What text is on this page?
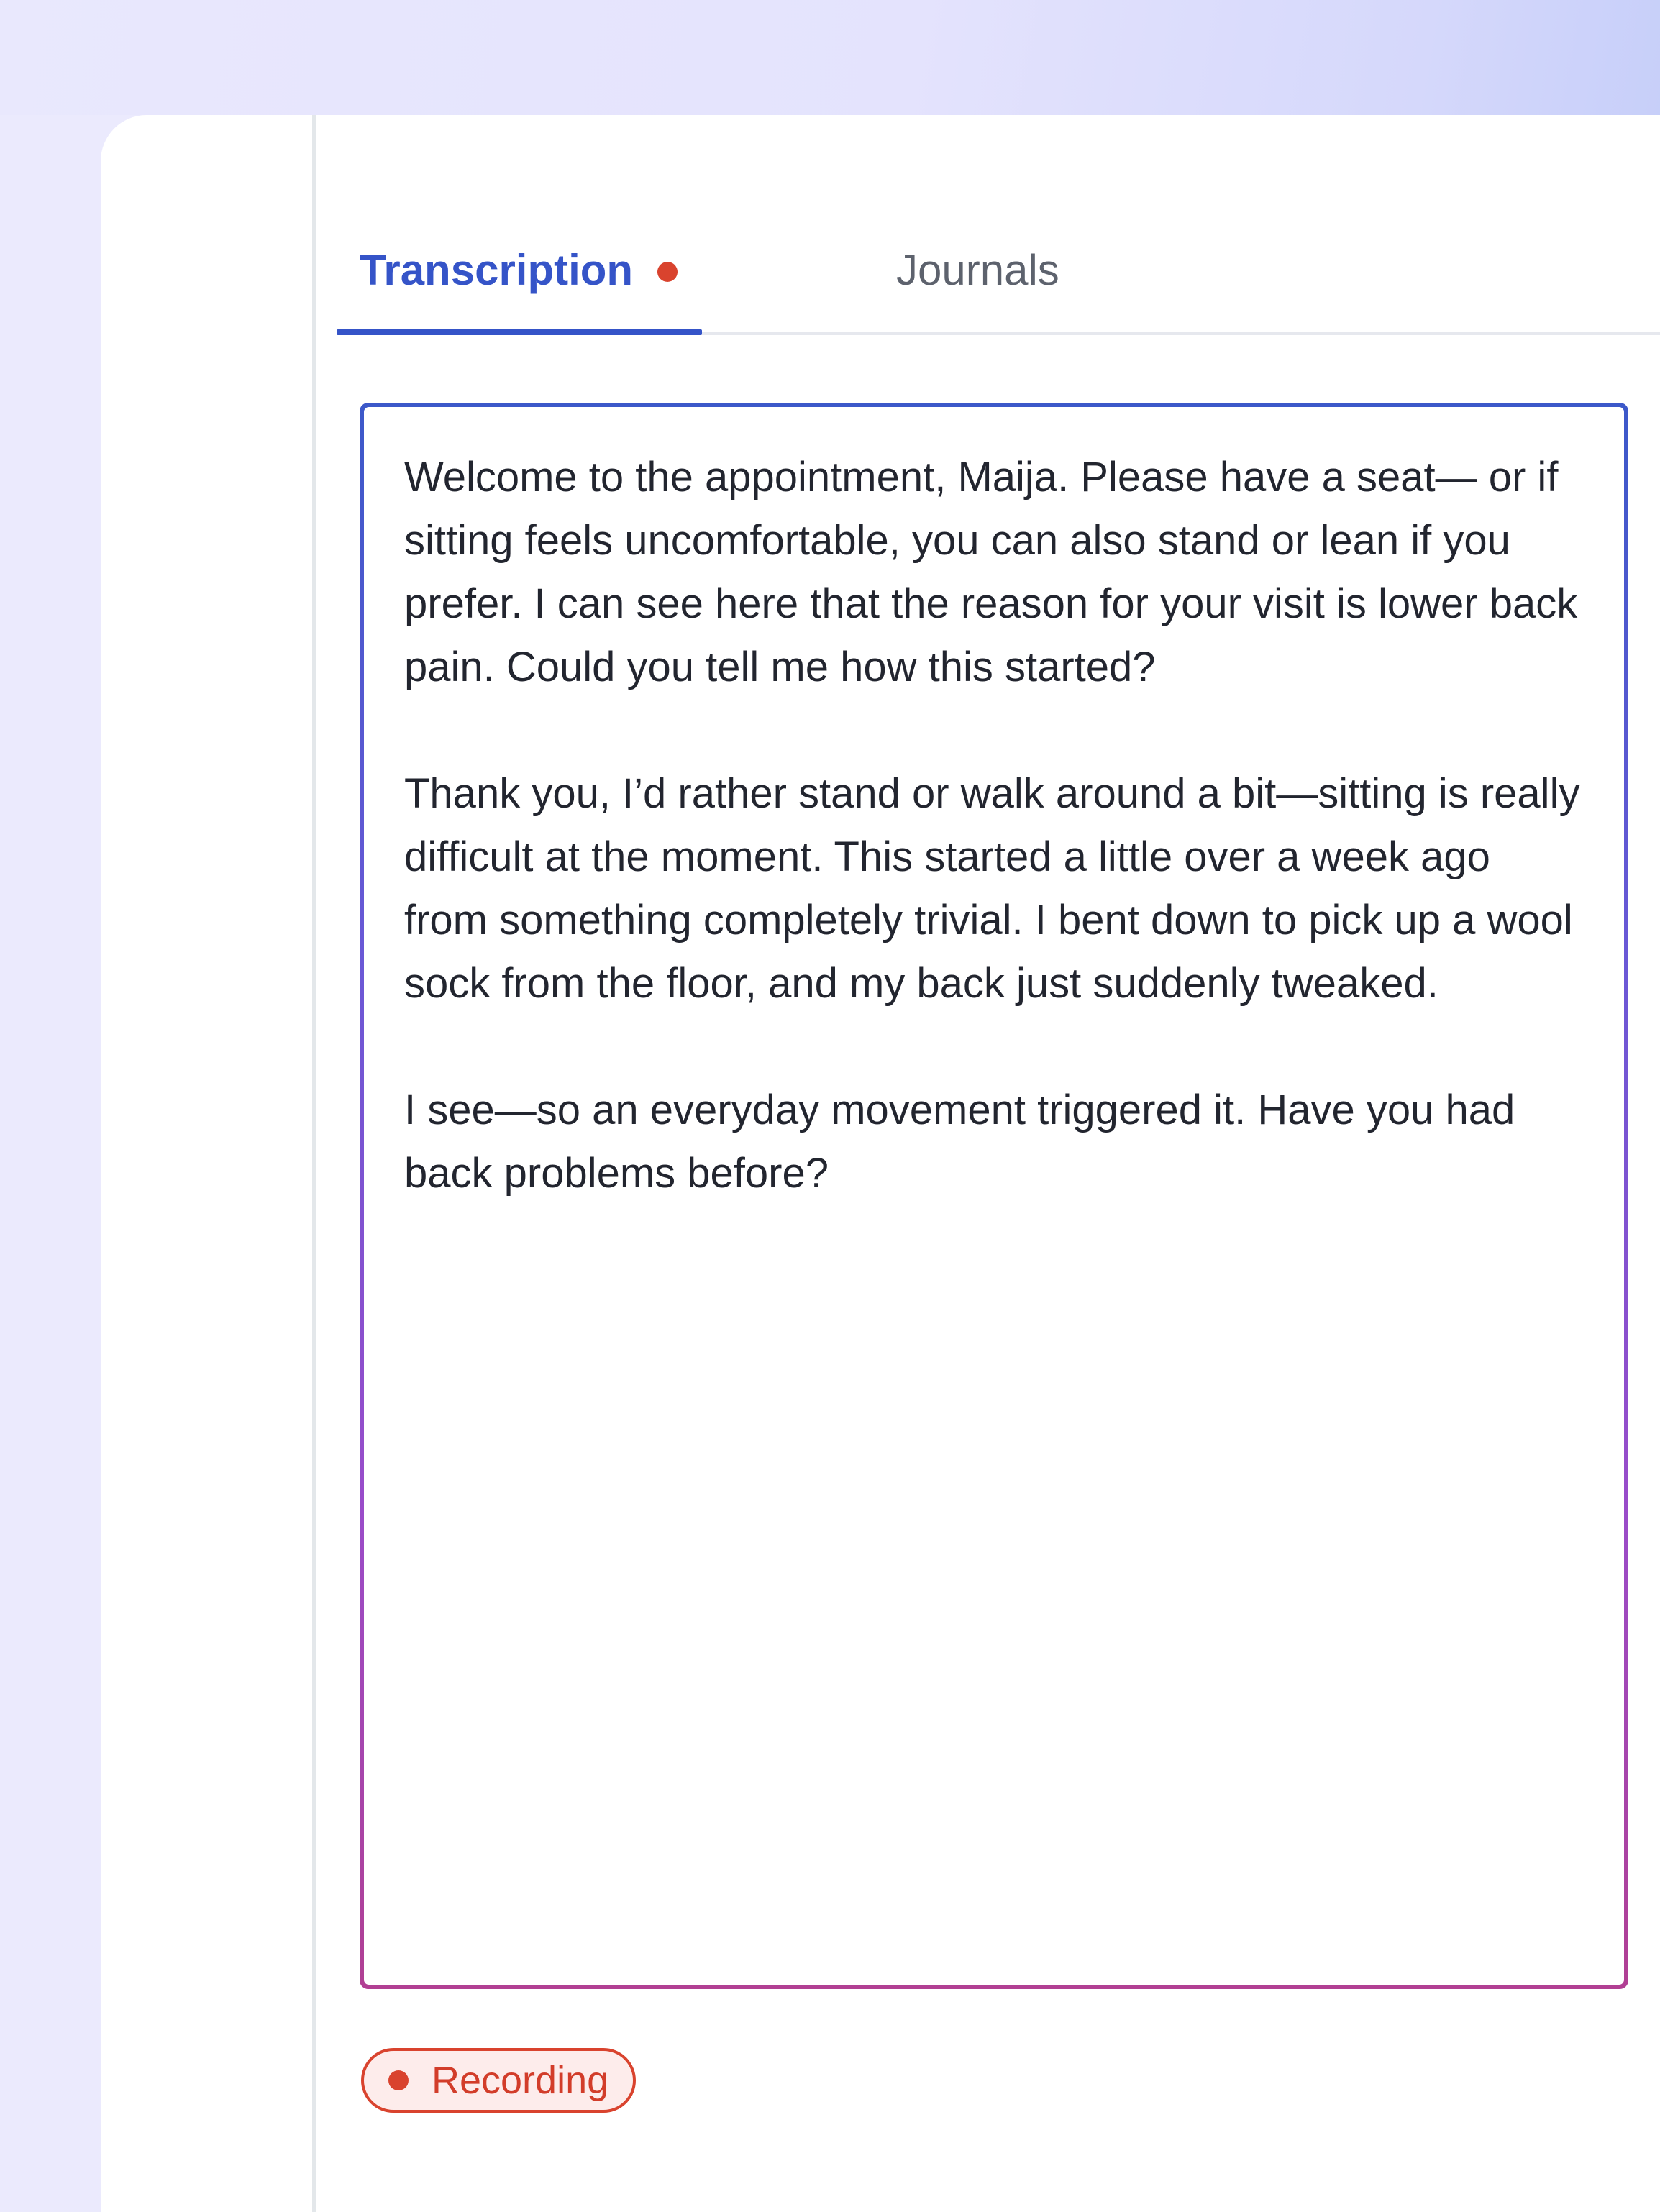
Transcription	Journals

Welcome to the appointment, Maija. Please have a seat— or if sitting feels uncomfortable, you can also stand or lean if you prefer. I can see here that the reason for your visit is lower back pain. Could you tell me how this started?

Thank you, I’d rather stand or walk around a bit—sitting is really difficult at the moment. This started a little over a week ago from something completely trivial. I bent down to pick up a wool sock from the floor, and my back just suddenly tweaked.

I see—so an everyday movement triggered it. Have you had back problems before?

Recording
